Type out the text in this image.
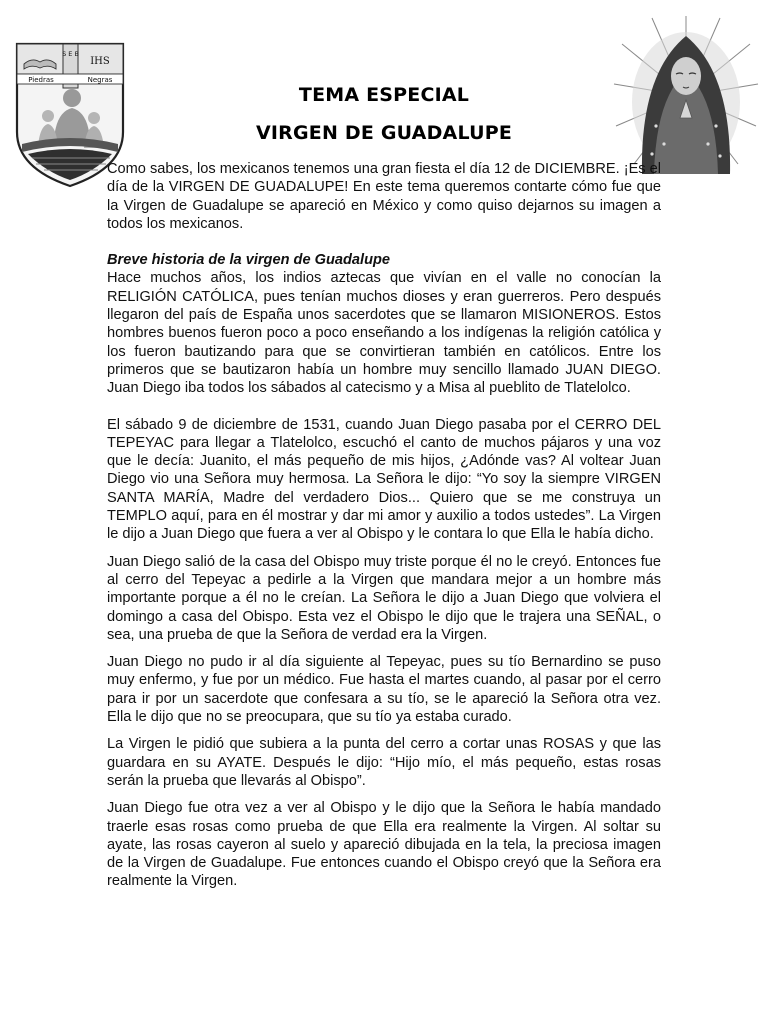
S E B
IHS
Piedras	Negras
TEMA ESPECIAL
VIRGEN DE GUADALUPE

Como sabes, los mexicanos tenemos una gran fiesta el día 12 de DICIEMBRE. ¡Es el día de la VIRGEN DE GUADALUPE! En este tema queremos contarte cómo fue que la Virgen de Guadalupe se apareció en México y como quiso dejarnos su imagen a todos los mexicanos.

Breve historia de la virgen de Guadalupe

Hace muchos años, los indios aztecas que vivían en el valle no conocían la RELIGIÓN CATÓLICA, pues tenían muchos dioses y eran guerreros. Pero después llegaron del país de España unos sacerdotes que se llamaron MISIONEROS. Estos hombres buenos fueron poco a poco enseñando a los indígenas la religión católica y los fueron bautizando para que se convirtieran también en católicos. Entre los primeros que se bautizaron había un hombre muy sencillo llamado JUAN DIEGO. Juan Diego iba todos los sábados al catecismo y a Misa al pueblito de Tlatelolco.

El sábado 9 de diciembre de 1531, cuando Juan Diego pasaba por el CERRO DEL TEPEYAC para llegar a Tlatelolco, escuchó el canto de muchos pájaros y una voz que le decía: Juanito, el más pequeño de mis hijos, ¿Adónde vas? Al voltear Juan Diego vio una Señora muy hermosa. La Señora le dijo: “Yo soy la siempre VIRGEN SANTA MARÍA, Madre del verdadero Dios... Quiero que se me construya un TEMPLO aquí, para en él mostrar y dar mi amor y auxilio a todos ustedes”. La Virgen le dijo a Juan Diego que fuera a ver al Obispo y le contara lo que Ella le había dicho.

Juan Diego salió de la casa del Obispo muy triste porque él no le creyó. Entonces fue al cerro del Tepeyac a pedirle a la Virgen que mandara mejor a un hombre más importante porque a él no le creían. La Señora le dijo a Juan Diego que volviera el domingo a casa del Obispo. Esta vez el Obispo le dijo que le trajera una SEÑAL, o sea, una prueba de que la Señora de verdad era la Virgen.

Juan Diego no pudo ir al día siguiente al Tepeyac, pues su tío Bernardino se puso muy enfermo, y fue por un médico. Fue hasta el martes cuando, al pasar por el cerro para ir por un sacerdote que confesara a su tío, se le apareció la Señora otra vez. Ella le dijo que no se preocupara, que su tío ya estaba curado.

La Virgen le pidió que subiera a la punta del cerro a cortar unas ROSAS y que las guardara en su AYATE. Después le dijo: “Hijo mío, el más pequeño, estas rosas serán la prueba que llevarás al Obispo”.

Juan Diego fue otra vez a ver al Obispo y le dijo que la Señora le había mandado traerle esas rosas como prueba de que Ella era realmente la Virgen. Al soltar su ayate, las rosas cayeron al suelo y apareció dibujada en la tela, la preciosa imagen de la Virgen de Guadalupe. Fue entonces cuando el Obispo creyó que la Señora era realmente la Virgen.
